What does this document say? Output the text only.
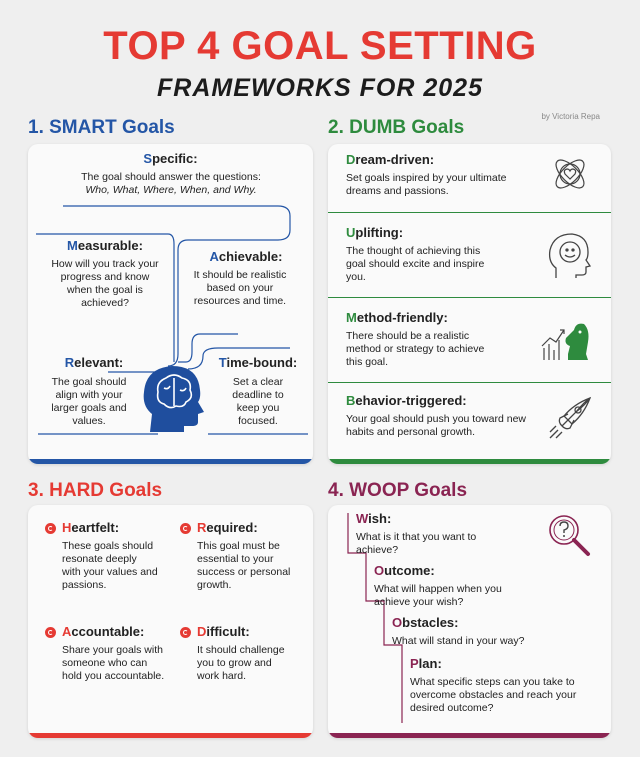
TOP 4 GOAL SETTING
FRAMEWORKS FOR 2025
by Victoria Repa
1. SMART Goals
Specific:
The goal should answer the questions:
Who, What, Where, When, and Why.
Measurable:
How will you track your progress and know when the goal is achieved?
Achievable:
It should be realistic based on your resources and time.
Relevant:
The goal should align with your larger goals and values.
Time-bound:
Set a clear deadline to keep you focused.
2. DUMB Goals
Dream-driven:
Set goals inspired by your ultimate dreams and passions.
Uplifting:
The thought of achieving this goal should excite and inspire you.
Method-friendly:
There should be a realistic method or strategy to achieve this goal.
Behavior-triggered:
Your goal should push you toward new habits and personal growth.
3. HARD Goals
Heartfelt:
These goals should resonate deeply with your values and passions.
Required:
This goal must be essential to your success or personal growth.
Accountable:
Share your goals with someone who can hold you accountable.
Difficult:
It should challenge you to grow and work hard.
4. WOOP Goals
Wish:
What is it that you want to achieve?
Outcome:
What will happen when you achieve your wish?
Obstacles:
What will stand in your way?
Plan:
What specific steps can you take to overcome obstacles and reach your desired outcome?
